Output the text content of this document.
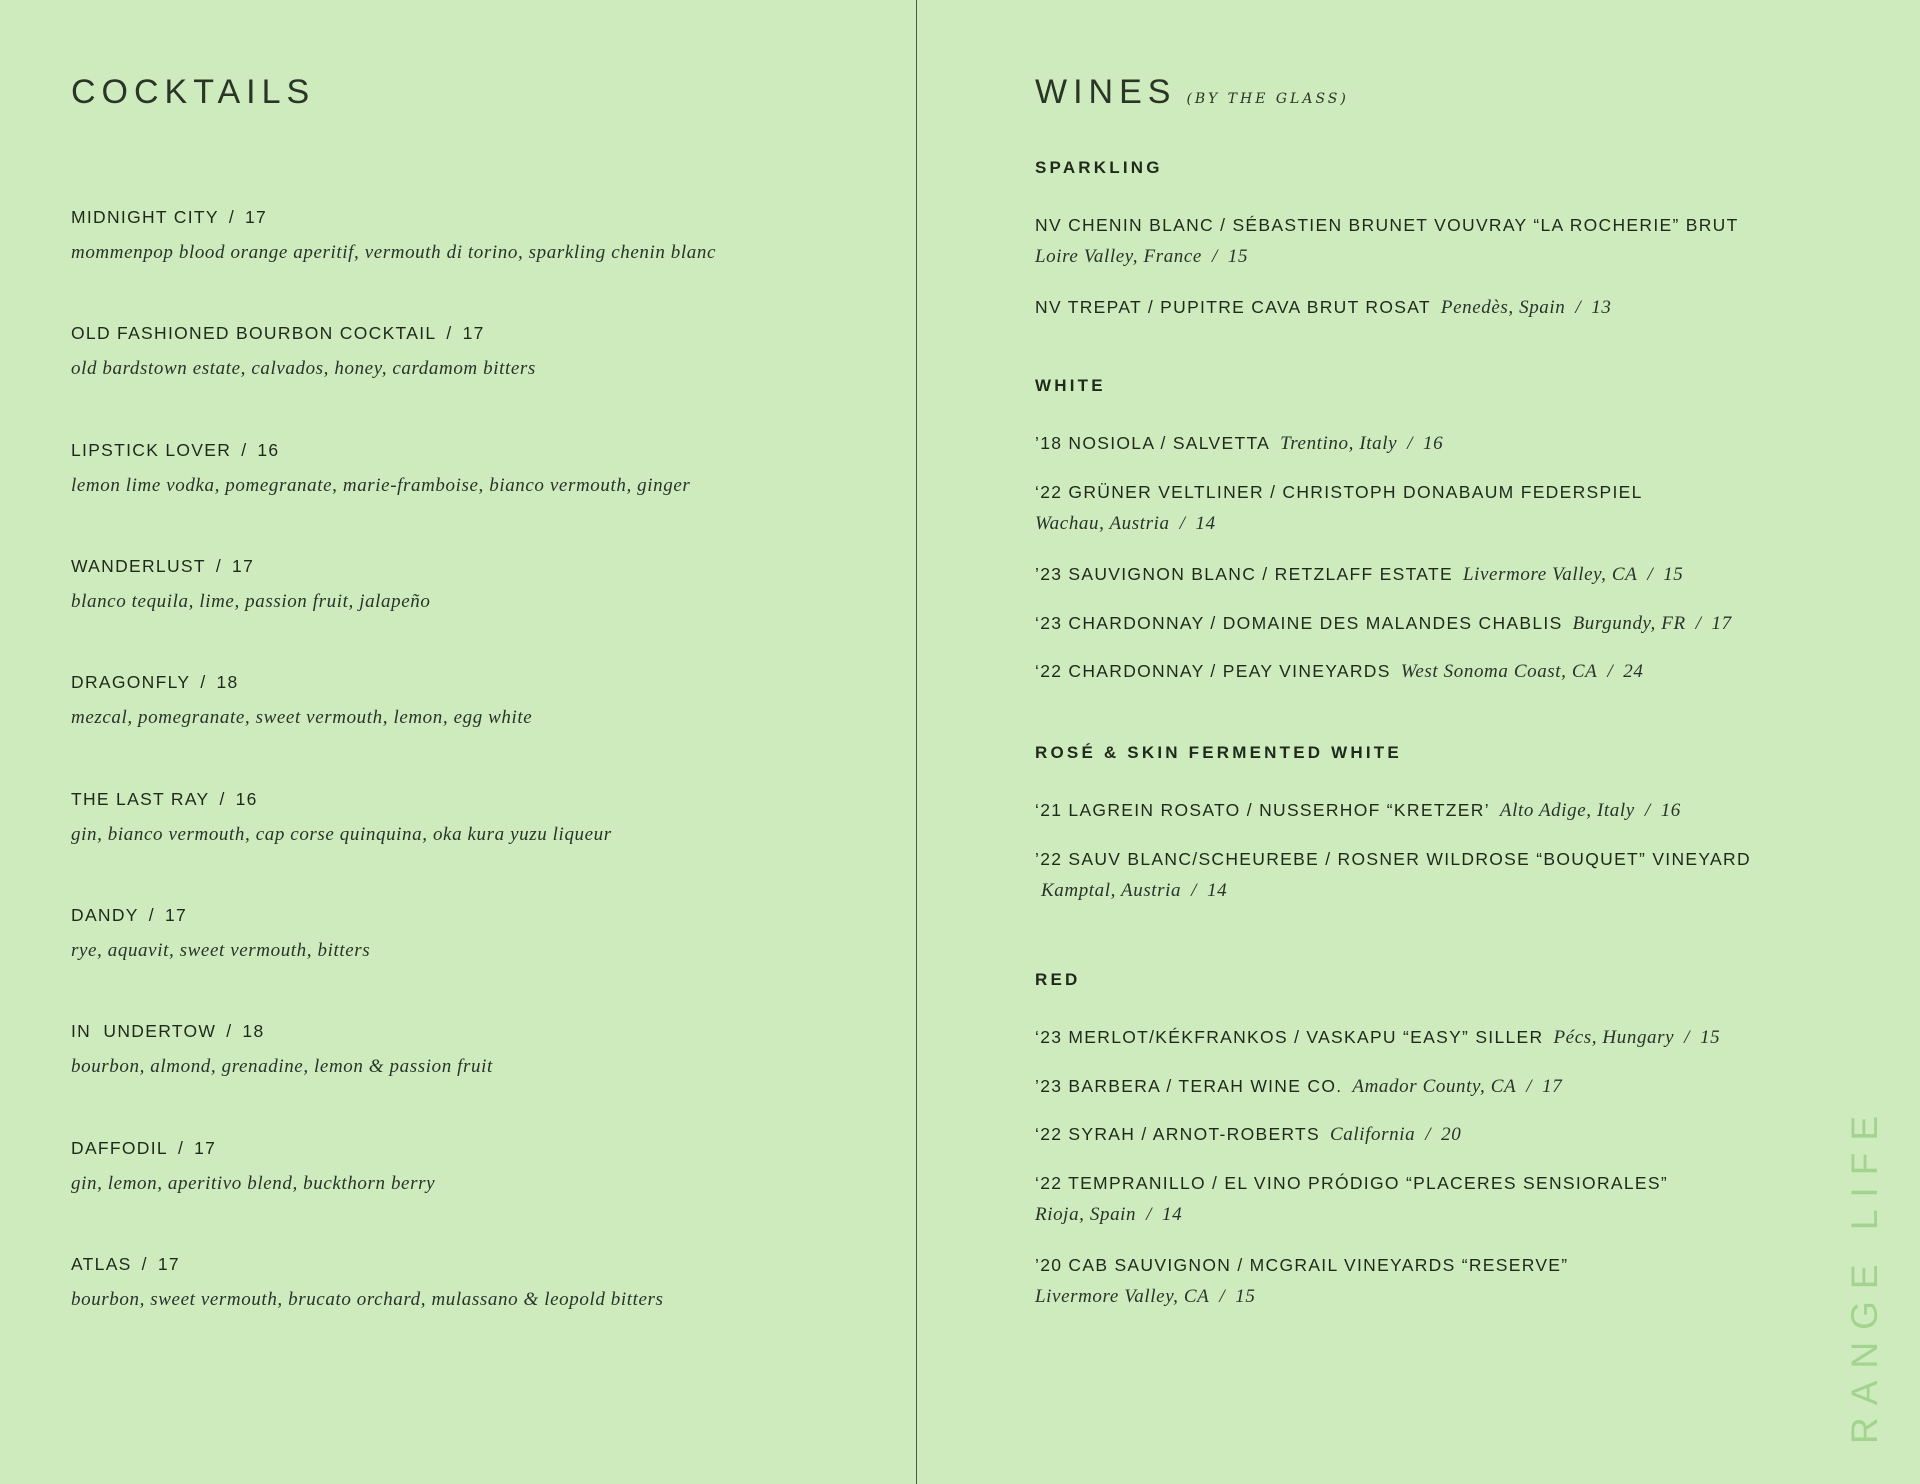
COCKTAILS
MIDNIGHT CITY / 17
mommenpop blood orange aperitif, vermouth di torino, sparkling chenin blanc
OLD FASHIONED BOURBON COCKTAIL / 17
old bardstown estate, calvados, honey, cardamom bitters
LIPSTICK LOVER / 16
lemon lime vodka, pomegranate, marie-framboise, bianco vermouth, ginger
WANDERLUST / 17
blanco tequila, lime, passion fruit, jalapeño
DRAGONFLY / 18
mezcal, pomegranate, sweet vermouth, lemon, egg white
THE LAST RAY / 16
gin, bianco vermouth, cap corse quinquina, oka kura yuzu liqueur
DANDY / 17
rye, aquavit, sweet vermouth, bitters
IN  UNDERTOW / 18
bourbon, almond, grenadine, lemon & passion fruit
DAFFODIL / 17
gin, lemon, aperitivo blend, buckthorn berry
ATLAS / 17
bourbon, sweet vermouth, brucato orchard, mulassano & leopold bitters
WINES (BY THE GLASS)
SPARKLING
NV CHENIN BLANC / SÉBASTIEN BRUNET VOUVRAY “LA ROCHERIE” BRUT
Loire Valley, France / 15
NV TREPAT / PUPITRE CAVA BRUT ROSAT Penedès, Spain / 13
WHITE
’18 NOSIOLA / SALVETTA Trentino, Italy / 16
‘22 GRÜNER VELTLINER / CHRISTOPH DONABAUM FEDERSPIEL
Wachau, Austria / 14
’23 SAUVIGNON BLANC / RETZLAFF ESTATE Livermore Valley, CA / 15
‘23 CHARDONNAY / DOMAINE DES MALANDES CHABLIS Burgundy, FR / 17
‘22 CHARDONNAY / PEAY VINEYARDS West Sonoma Coast, CA / 24
ROSÉ & SKIN FERMENTED WHITE
‘21 LAGREIN ROSATO / NUSSERHOF “KRETZER’ Alto Adige, Italy / 16
’22 SAUV BLANC/SCHEUREBE / ROSNER WILDROSE “BOUQUET” VINEYARD
Kamptal, Austria / 14
RED
‘23 MERLOT/KÉKFRANKOS / VASKAPU “EASY” SILLER Pécs, Hungary / 15
’23 BARBERA / TERAH WINE CO. Amador County, CA / 17
‘22 SYRAH / ARNOT-ROBERTS California / 20
‘22 TEMPRANILLO / EL VINO PRÓDIGO “PLACERES SENSIORALES”
Rioja, Spain / 14
’20 CAB SAUVIGNON / MCGRAIL VINEYARDS “RESERVE”
Livermore Valley, CA / 15	RANGE LIFE
